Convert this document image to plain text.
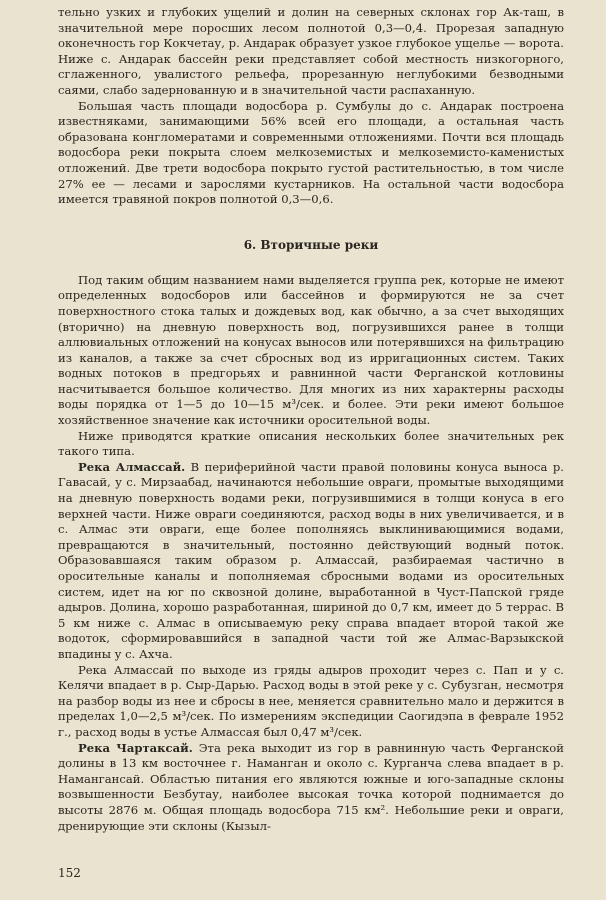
тельно узких и глубоких ущелий и долин на северных склонах гор Ак-таш, в значительной мере поросших лесом полнотой 0,3—0,4. Прорезая западную оконечность гор Кокчетау, р. Андарак образует узкое глубокое ущелье — ворота. Ниже с. Андарак бассейн реки представляет собой местность низкогорного, сглаженного, увалистого рельефа, прорезанную неглубокими безводными саями, слабо задернованную и в значительной части распаханную.

Большая часть площади водосбора р. Сумбулы до с. Андарак построена известняками, занимающими 56% всей его площади, а остальная часть образована конгломератами и современными отложениями. Почти вся площадь водосбора реки покрыта слоем мелкоземистых и мелкоземисто-каменистых отложений. Две трети водосбора покрыто густой растительностью, в том числе 27% ее — лесами и зарослями кустарников. На остальной части водосбора имеется травяной покров полнотой 0,3—0,6.

6. Вторичные реки

Под таким общим названием нами выделяется группа рек, которые не имеют определенных водосборов или бассейнов и формируются не за счет поверхностного стока талых и дождевых вод, как обычно, а за счет выходящих (вторично) на дневную поверхность вод, погрузившихся ранее в толщи аллювиальных отложений на конусах выносов или потерявшихся на фильтрацию из каналов, а также за счет сбросных вод из ирригационных систем. Таких водных потоков в предгорьях и равнинной части Ферганской котловины насчитывается большое количество. Для многих из них характерны расходы воды порядка от 1—5 до 10—15 м³/сек. и более. Эти реки имеют большое хозяйственное значение как источники оросительной воды.

Ниже приводятся краткие описания нескольких более значительных рек такого типа.

Река Алмассай. В периферийной части правой половины конуса выноса р. Гавасай, у с. Мирзаабад, начинаются небольшие овраги, промытые выходящими на дневную поверхность водами реки, погрузившимися в толщи конуса в его верхней части. Ниже овраги соединяются, расход воды в них увеличивается, и в с. Алмас эти овраги, еще более пополняясь выклинивающимися водами, превращаются в значительный, постоянно действующий водный поток. Образовавшаяся таким образом р. Алмассай, разбираемая частично в оросительные каналы и пополняемая сбросными водами из оросительных систем, идет на юг по сквозной долине, выработанной в Чуст-Папской гряде адыров. Долина, хорошо разработанная, шириной до 0,7 км, имеет до 5 террас. В 5 км ниже с. Алмас в описываемую реку справа впадает второй такой же водоток, сформировавшийся в западной части той же Алмас-Варзыкской впадины у с. Ахча.

Река Алмассай по выходе из гряды адыров проходит через с. Пап и у с. Келячи впадает в р. Сыр-Дарью. Расход воды в этой реке у с. Субузган, несмотря на разбор воды из нее и сбросы в нее, меняется сравнительно мало и держится в пределах 1,0—2,5 м³/сек. По измерениям экспедиции Саогидэпа в феврале 1952 г., расход воды в устье Алмассая был 0,47 м³/сек.

Река Чартаксай. Эта река выходит из гор в равнинную часть Ферганской долины в 13 км восточнее г. Наманган и около с. Курганча слева впадает в р. Намангансай. Областью питания его являются южные и юго-западные склоны возвышенности Безбутау, наиболее высокая точка которой поднимается до высоты 2876 м. Общая площадь водосбора 715 км². Небольшие реки и овраги, дренирующие эти склоны (Кызыл-

152
